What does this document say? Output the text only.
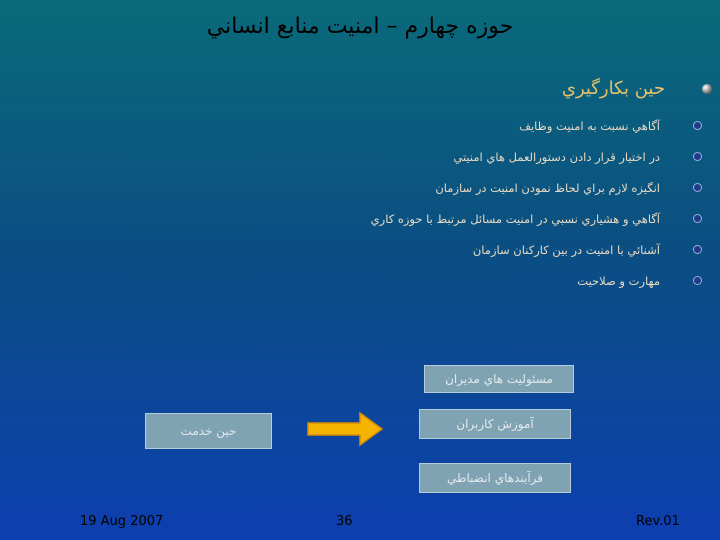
حوزه چهارم – امنيت منابع انساني
حين بكارگيري
آگاهي نسبت به امنيت وظايف
در اختيار قرار دادن دستورالعمل هاي امنيتي
انگيزه لازم براي لحاظ نمودن امنيت در سازمان
آگاهي و هشياري نسبي در امنيت مسائل مرتبط با حوزه كاري
آشنائي با امنيت در بين كاركنان سازمان
مهارت و صلاحيت
مسئوليت هاي مديران
آموزش كاربران
فرآيندهاي انضباطي
حين خدمت
19 Aug 2007	36	Rev.01
